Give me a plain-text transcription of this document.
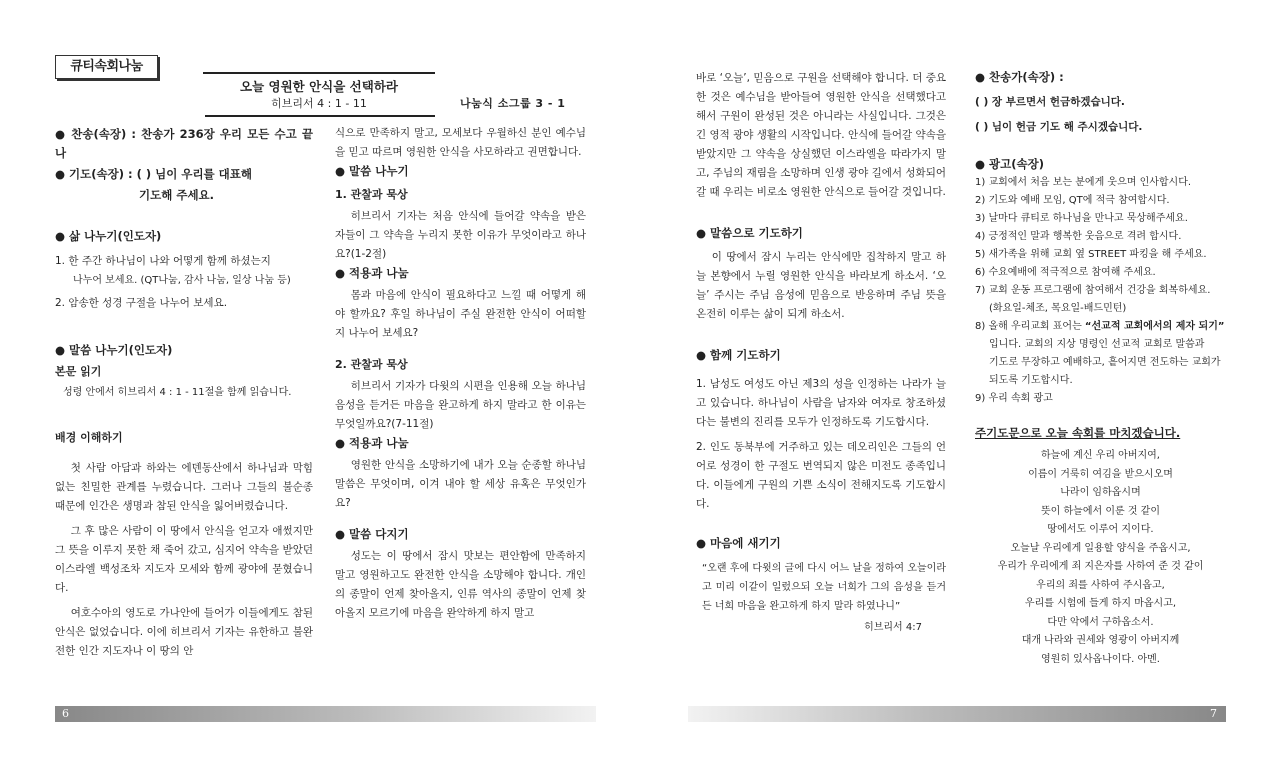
큐티속회나눔
오늘 영원한 안식을 선택하라
히브리서 4 : 1 - 11	나눔식 소그룹 3 - 1

● 찬송(속장) : 찬송가 236장 우리 모든 수고 끝나

● 기도(속장) : ( ) 님이 우리를 대표해

기도해 주세요.

● 삶 나누기(인도자)

1. 한 주간 하나님이 나와 어떻게 함께 하셨는지

나누어 보세요. (QT나눔, 감사 나눔, 일상 나눔 등)

2. 암송한 성경 구절을 나누어 보세요.

● 말씀 나누기(인도자)

본문 읽기

성령 안에서 히브리서 4 : 1 - 11절을 함께 읽습니다.

배경 이해하기

첫 사람 아담과 하와는 에덴동산에서 하나님과 막힘 없는 친밀한 관계를 누렸습니다. 그러나 그들의 불순종 때문에 인간은 생명과 참된 안식을 잃어버렸습니다.

그 후 많은 사람이 이 땅에서 안식을 얻고자 애썼지만 그 뜻을 이루지 못한 채 죽어 갔고, 심지어 약속을 받았던 이스라엘 백성조차 지도자 모세와 함께 광야에 묻혔습니다.

여호수아의 영도로 가나안에 들어가 이들에게도 참된 안식은 없었습니다. 이에 히브리서 기자는 유한하고 불완전한 인간 지도자나 이 땅의 안

식으로 만족하지 말고, 모세보다 우월하신 분인 예수님을 믿고 따르며 영원한 안식을 사모하라고 권면합니다.

● 말씀 나누기

1. 관찰과 묵상

히브리서 기자는 처음 안식에 들어갈 약속을 받은 자들이 그 약속을 누리지 못한 이유가 무엇이라고 하나요?(1-2절)

● 적용과 나눔

몸과 마음에 안식이 필요하다고 느낄 때 어떻게 해야 할까요? 후일 하나님이 주실 완전한 안식이 어떠할지 나누어 보세요?

2. 관찰과 묵상

히브리서 기자가 다윗의 시편을 인용해 오늘 하나님 음성을 듣거든 마음을 완고하게 하지 말라고 한 이유는 무엇일까요?(7-11절)

● 적용과 나눔

영원한 안식을 소망하기에 내가 오늘 순종할 하나님 말씀은 무엇이며, 이겨 내야 할 세상 유혹은 무엇인가요?

● 말씀 다지기

성도는 이 땅에서 잠시 맛보는 편안함에 만족하지 말고 영원하고도 완전한 안식을 소망해야 합니다. 개인의 종말이 언제 찾아올지, 인류 역사의 종말이 언제 찾아올지 모르기에 마음을 완악하게 하지 말고

바로 ‘오늘’, 믿음으로 구원을 선택해야 합니다. 더 중요한 것은 예수님을 받아들여 영원한 안식을 선택했다고 해서 구원이 완성된 것은 아니라는 사실입니다. 그것은 긴 영적 광야 생활의 시작입니다. 안식에 들어갈 약속을 받았지만 그 약속을 상실했던 이스라엘을 따라가지 말고, 주님의 재림을 소망하며 인생 광야 길에서 성화되어 갈 때 우리는 비로소 영원한 안식으로 들어갈 것입니다.

● 말씀으로 기도하기

이 땅에서 잠시 누리는 안식에만 집착하지 말고 하늘 본향에서 누릴 영원한 안식을 바라보게 하소서. ‘오늘’ 주시는 주님 음성에 믿음으로 반응하며 주님 뜻을 온전히 이루는 삶이 되게 하소서.

● 함께 기도하기

1. 남성도 여성도 아닌 제3의 성을 인정하는 나라가 늘고 있습니다. 하나님이 사람을 남자와 여자로 창조하셨다는 불변의 진리를 모두가 인정하도록 기도합시다.

2. 인도 동북부에 거주하고 있는 데오리인은 그들의 언어로 성경이 한 구절도 번역되지 않은 미전도 종족입니다. 이들에게 구원의 기쁜 소식이 전해지도록 기도합시다.

● 마음에 새기기

“오랜 후에 다윗의 글에 다시 어느 날을 정하여 오늘이라고 미리 이같이 일렀으되 오늘 너희가 그의 음성을 듣거든 너희 마음을 완고하게 하지 말라 하였나니”

히브리서 4:7

● 찬송가(속장) :

( ) 장 부르면서 헌금하겠습니다.

( ) 님이 헌금 기도 해 주시겠습니다.

● 광고(속장)

1) 교회에서 처음 보는 분에게 웃으며 인사합시다.

2) 기도와 예배 모임, QT에 적극 참여합시다.

3) 날마다 큐티로 하나님을 만나고 묵상해주세요.

4) 긍정적인 말과 행복한 웃음으로 격려 합시다.

5) 새가족을 위해 교회 옆 STREET 파킹을 해 주세요.

6) 수요예배에 적극적으로 참여해 주세요.

7) 교회 운동 프로그램에 참여해서 건강을 회복하세요.

(화요일-체조, 목요일-배드민턴)

8) 올해 우리교회 표어는 “선교적 교회에서의 제자 되기”

입니다. 교회의 지상 명령인 선교적 교회로 말씀과

기도로 무장하고 예배하고, 흩어지면 전도하는 교회가

되도록 기도합시다.

9) 우리 속회 광고

주기도문으로 오늘 속회를 마치겠습니다.

하늘에 계신 우리 아버지여,

이름이 거룩히 여김을 받으시오며

나라이 임하옵시며

뜻이 하늘에서 이룬 것 같이

땅에서도 이루어 지이다.

오늘날 우리에게 일용할 양식을 주옵시고,

우리가 우리에게 죄 지은자를 사하여 준 것 같이

우리의 죄를 사하여 주시옵고,

우리를 시험에 들게 하지 마옵시고,

다만 악에서 구하옵소서.

대개 나라와 권세와 영광이 아버지께

영원히 있사옵나이다. 아멘.

6	7
